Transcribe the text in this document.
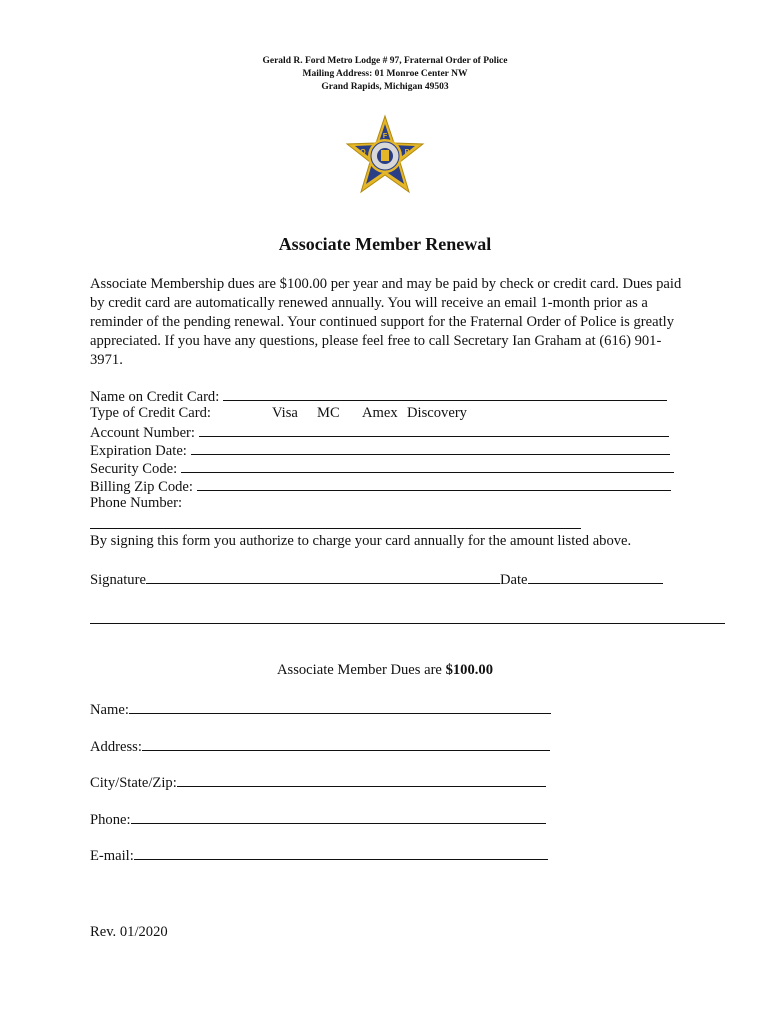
Gerald R. Ford Metro Lodge # 97, Fraternal Order of Police
Mailing Address: 01 Monroe Center NW
Grand Rapids, Michigan 49503
F
O	P
Associate Member Renewal
Associate Membership dues are $100.00 per year and may be paid by check or credit card. Dues paid by credit card are automatically renewed annually. You will receive an email 1-month prior as a reminder of the pending renewal. Your continued support for the Fraternal Order of Police is greatly appreciated. If you have any questions, please feel free to call Secretary Ian Graham at (616) 901-3971.
Name on Credit Card:
Type of Credit Card:	Visa MC Amex Discovery
Account Number:
Expiration Date:
Security Code:
Billing Zip Code:
Phone Number:
By signing this form you authorize to charge your card annually for the amount listed above.
Signature	Date
Associate Member Dues are $100.00
Name:
Address:
City/State/Zip:
Phone:
E-mail:
Rev. 01/2020
